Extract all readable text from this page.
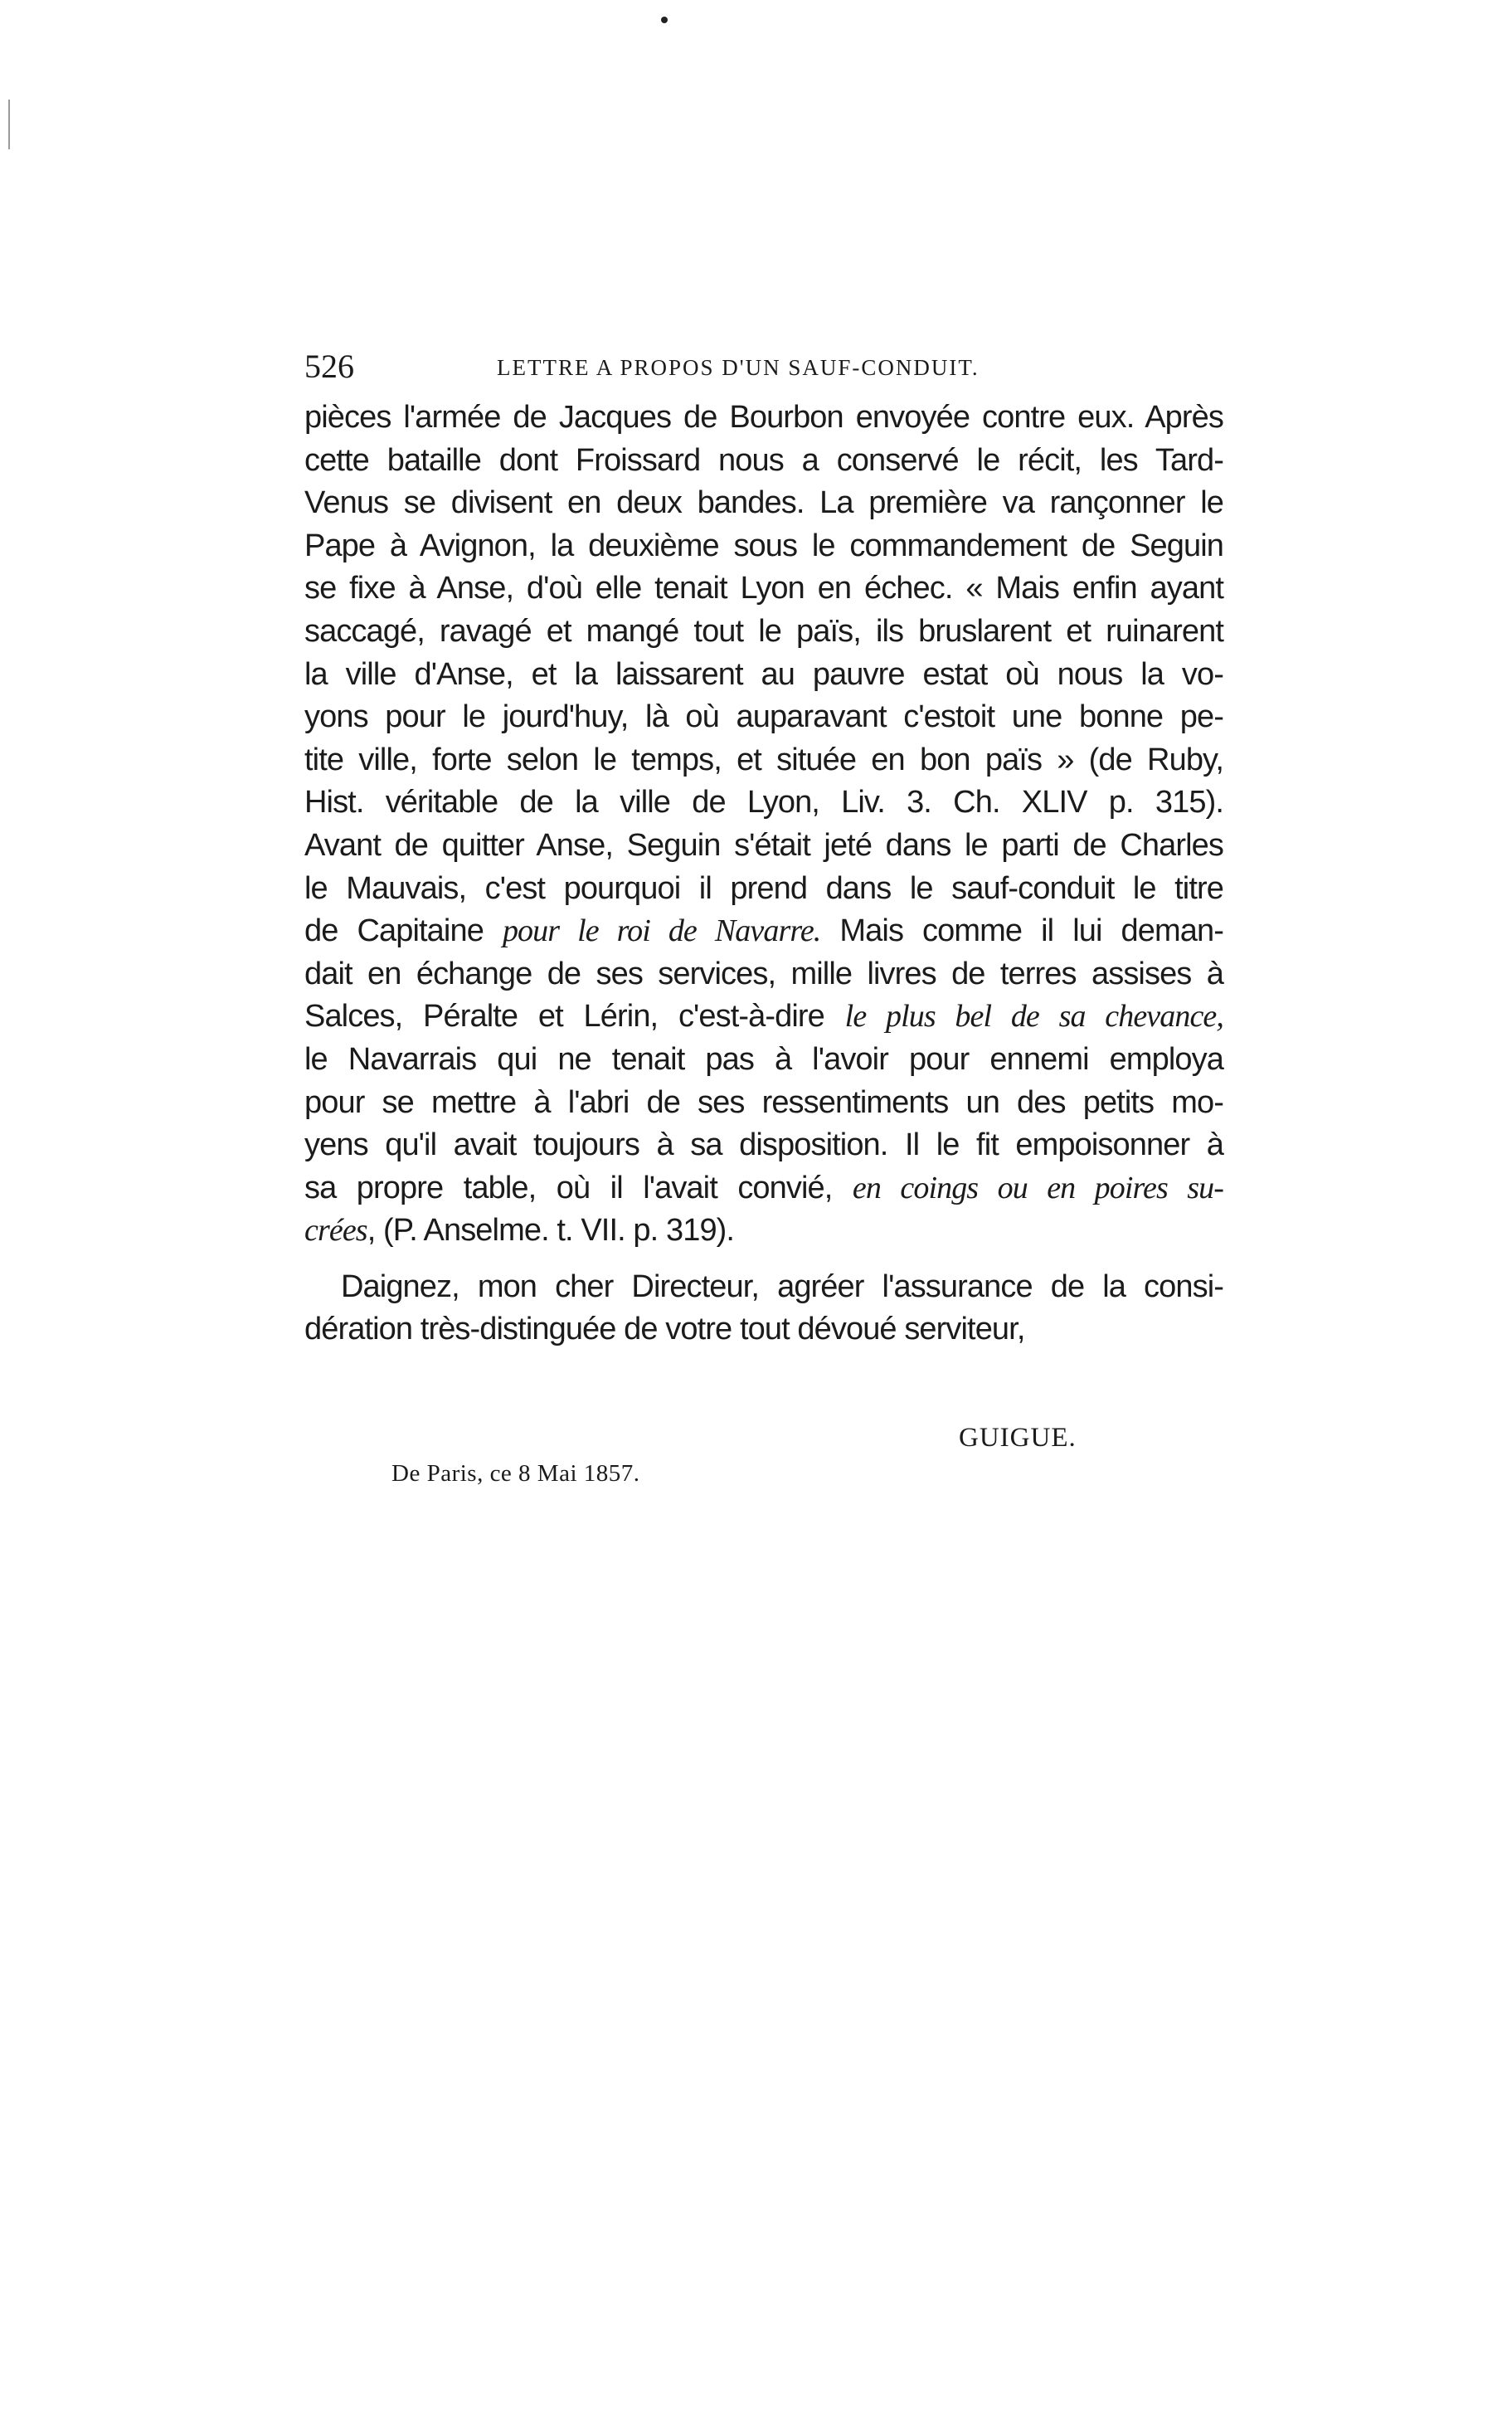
526	LETTRE A PROPOS D'UN SAUF-CONDUIT.
pièces l'armée de Jacques de Bourbon envoyée contre eux. Après
cette bataille dont Froissard nous a conservé le récit, les Tard-
Venus se divisent en deux bandes. La première va rançonner le
Pape à Avignon, la deuxième sous le commandement de Seguin
se fixe à Anse, d'où elle tenait Lyon en échec. « Mais enfin ayant
saccagé, ravagé et mangé tout le païs, ils bruslarent et ruinarent
la ville d'Anse, et la laissarent au pauvre estat où nous la vo-
yons pour le jourd'huy, là où auparavant c'estoit une bonne pe-
tite ville, forte selon le temps, et située en bon païs » (de Ruby,
Hist. véritable de la ville de Lyon, Liv. 3. Ch. XLIV p. 315).
Avant de quitter Anse, Seguin s'était jeté dans le parti de Charles
le Mauvais, c'est pourquoi il prend dans le sauf-conduit le titre
de Capitaine pour le roi de Navarre. Mais comme il lui deman-
dait en échange de ses services, mille livres de terres assises à
Salces, Péralte et Lérin, c'est-à-dire le plus bel de sa chevance,
le Navarrais qui ne tenait pas à l'avoir pour ennemi employa
pour se mettre à l'abri de ses ressentiments un des petits mo-
yens qu'il avait toujours à sa disposition. Il le fit empoisonner à
sa propre table, où il l'avait convié, en coings ou en poires su-
crées, (P. Anselme. t. VII. p. 319).
Daignez, mon cher Directeur, agréer l'assurance de la consi-
dération très-distinguée de votre tout dévoué serviteur,
GUIGUE.
De Paris, ce 8 Mai 1857.
